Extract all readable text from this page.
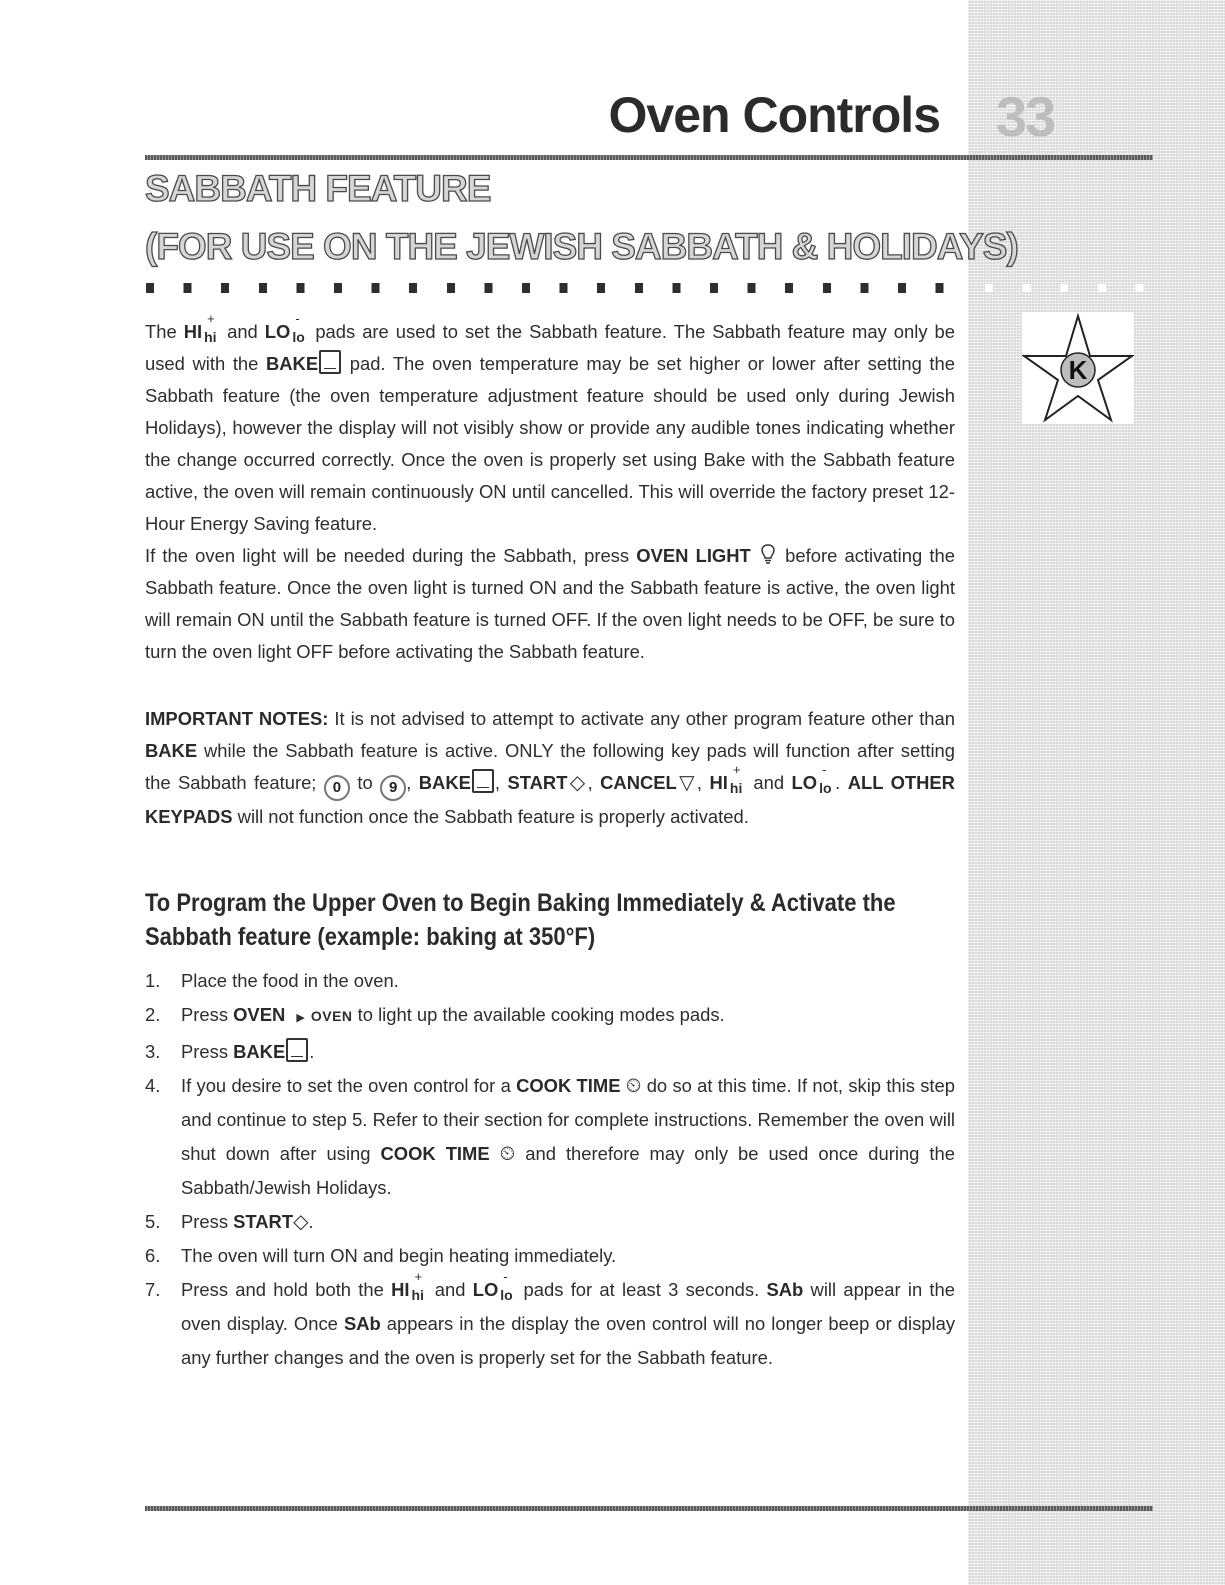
Oven Controls 33
SABBATH FEATURE
(FOR USE ON THE JEWISH SABBATH & HOLIDAYS)
K

The HI
+
hi and LO
-
lo pads are used to set the Sabbath feature. The Sabbath feature may only be used with the BAKE pad. The oven temperature may be set higher or lower after setting the Sabbath feature (the oven temperature adjustment feature should be used only during Jewish Holidays), however the display will not visibly show or provide any audible tones indicating whether the change occurred correctly. Once the oven is properly set using Bake with the Sabbath feature active, the oven will remain continuously ON until cancelled. This will override the factory preset 12-Hour Energy Saving feature.

If the oven light will be needed during the Sabbath, press OVEN LIGHT  before activating the Sabbath feature. Once the oven light is turned ON and the Sabbath feature is active, the oven light will remain ON until the Sabbath feature is turned OFF. If the oven light needs to be OFF, be sure to turn the oven light OFF before activating the Sabbath feature.

IMPORTANT NOTES: It is not advised to attempt to activate any other program feature other than BAKE while the Sabbath feature is active. ONLY the following key pads will function after setting the Sabbath feature; 0 to 9 , BAKE , START◇, CANCEL▽, HI
+
hi and LO
-
lo . ALL OTHER KEYPADS will not function once the Sabbath feature is properly activated.

To Program the Upper Oven to Begin Baking Immediately & Activate the Sabbath feature (example: baking at 350°F)
1. Place the food in the oven.
2. Press OVEN ▶ OVEN to light up the available cooking modes pads.
3. Press BAKE .
4. If you desire to set the oven control for a COOK TIME ⏲ do so at this time. If not, skip this step and continue to step 5. Refer to their section for complete instructions. Remember the oven will shut down after using COOK TIME ⏲ and therefore may only be used once during the Sabbath/Jewish Holidays.
5. Press START◇.
6. The oven will turn ON and begin heating immediately.
7. Press and hold both the HI
+
hi and LO
-
lo pads for at least 3 seconds. SAb will appear in the oven display. Once SAb appears in the display the oven control will no longer beep or display any further changes and the oven is properly set for the Sabbath feature.
